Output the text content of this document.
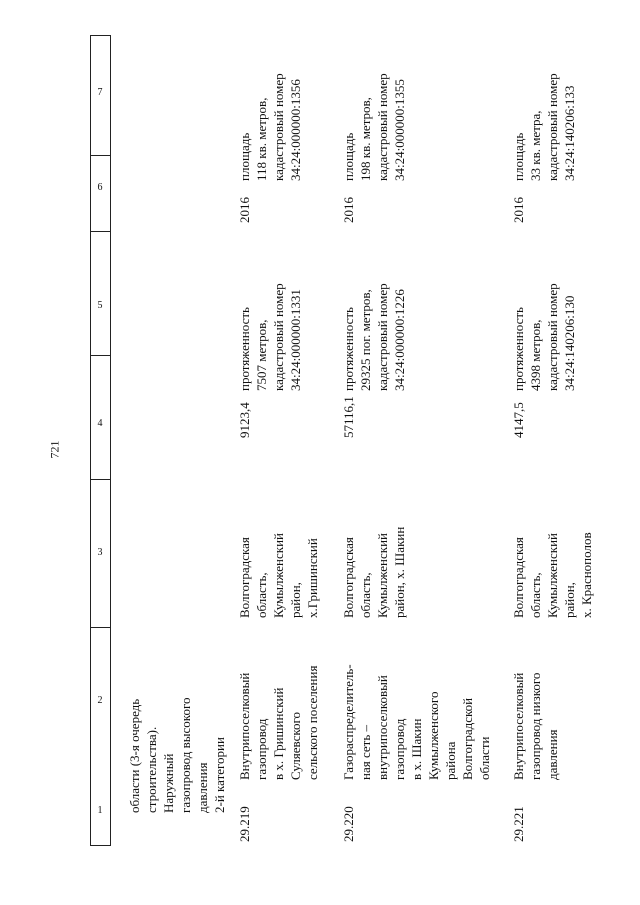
721
1
2
3
4
5
6
7
области (3-я очередь
строительства).
Наружный
газопровод высокого
давления
2-й категории
29.219
Внутрипоселковый
газопровод
в х. Гришинский
Суляевского
сельского поселения
Волгоградская
область,
Кумылженский
район,
х.Гришинский
9123,4
протяженность
7507 метров,
кадастровый номер
34:24:000000:1331
2016
площадь
118 кв. метров,
кадастровый номер
34:24:000000:1356
29.220
Газораспределитель-
ная сеть –
внутрипоселковый
газопровод
в х. Шакин
Кумылженского
района
Волгоградской
области
Волгоградская
область,
Кумылженский
район, х. Шакин
57116,1
протяженность
29325 пог. метров,
кадастровый номер
34:24:000000:1226
2016
площадь
198 кв. метров,
кадастровый номер
34:24:000000:1355
29.221
Внутрипоселковый
газопровод низкого
давления
Волгоградская
область,
Кумылженский
район,
х. Краснополов
4147,5
протяженность
4398 метров,
кадастровый номер
34:24:140206:130
2016
площадь
33 кв. метра,
кадастровый номер
34:24:140206:133
